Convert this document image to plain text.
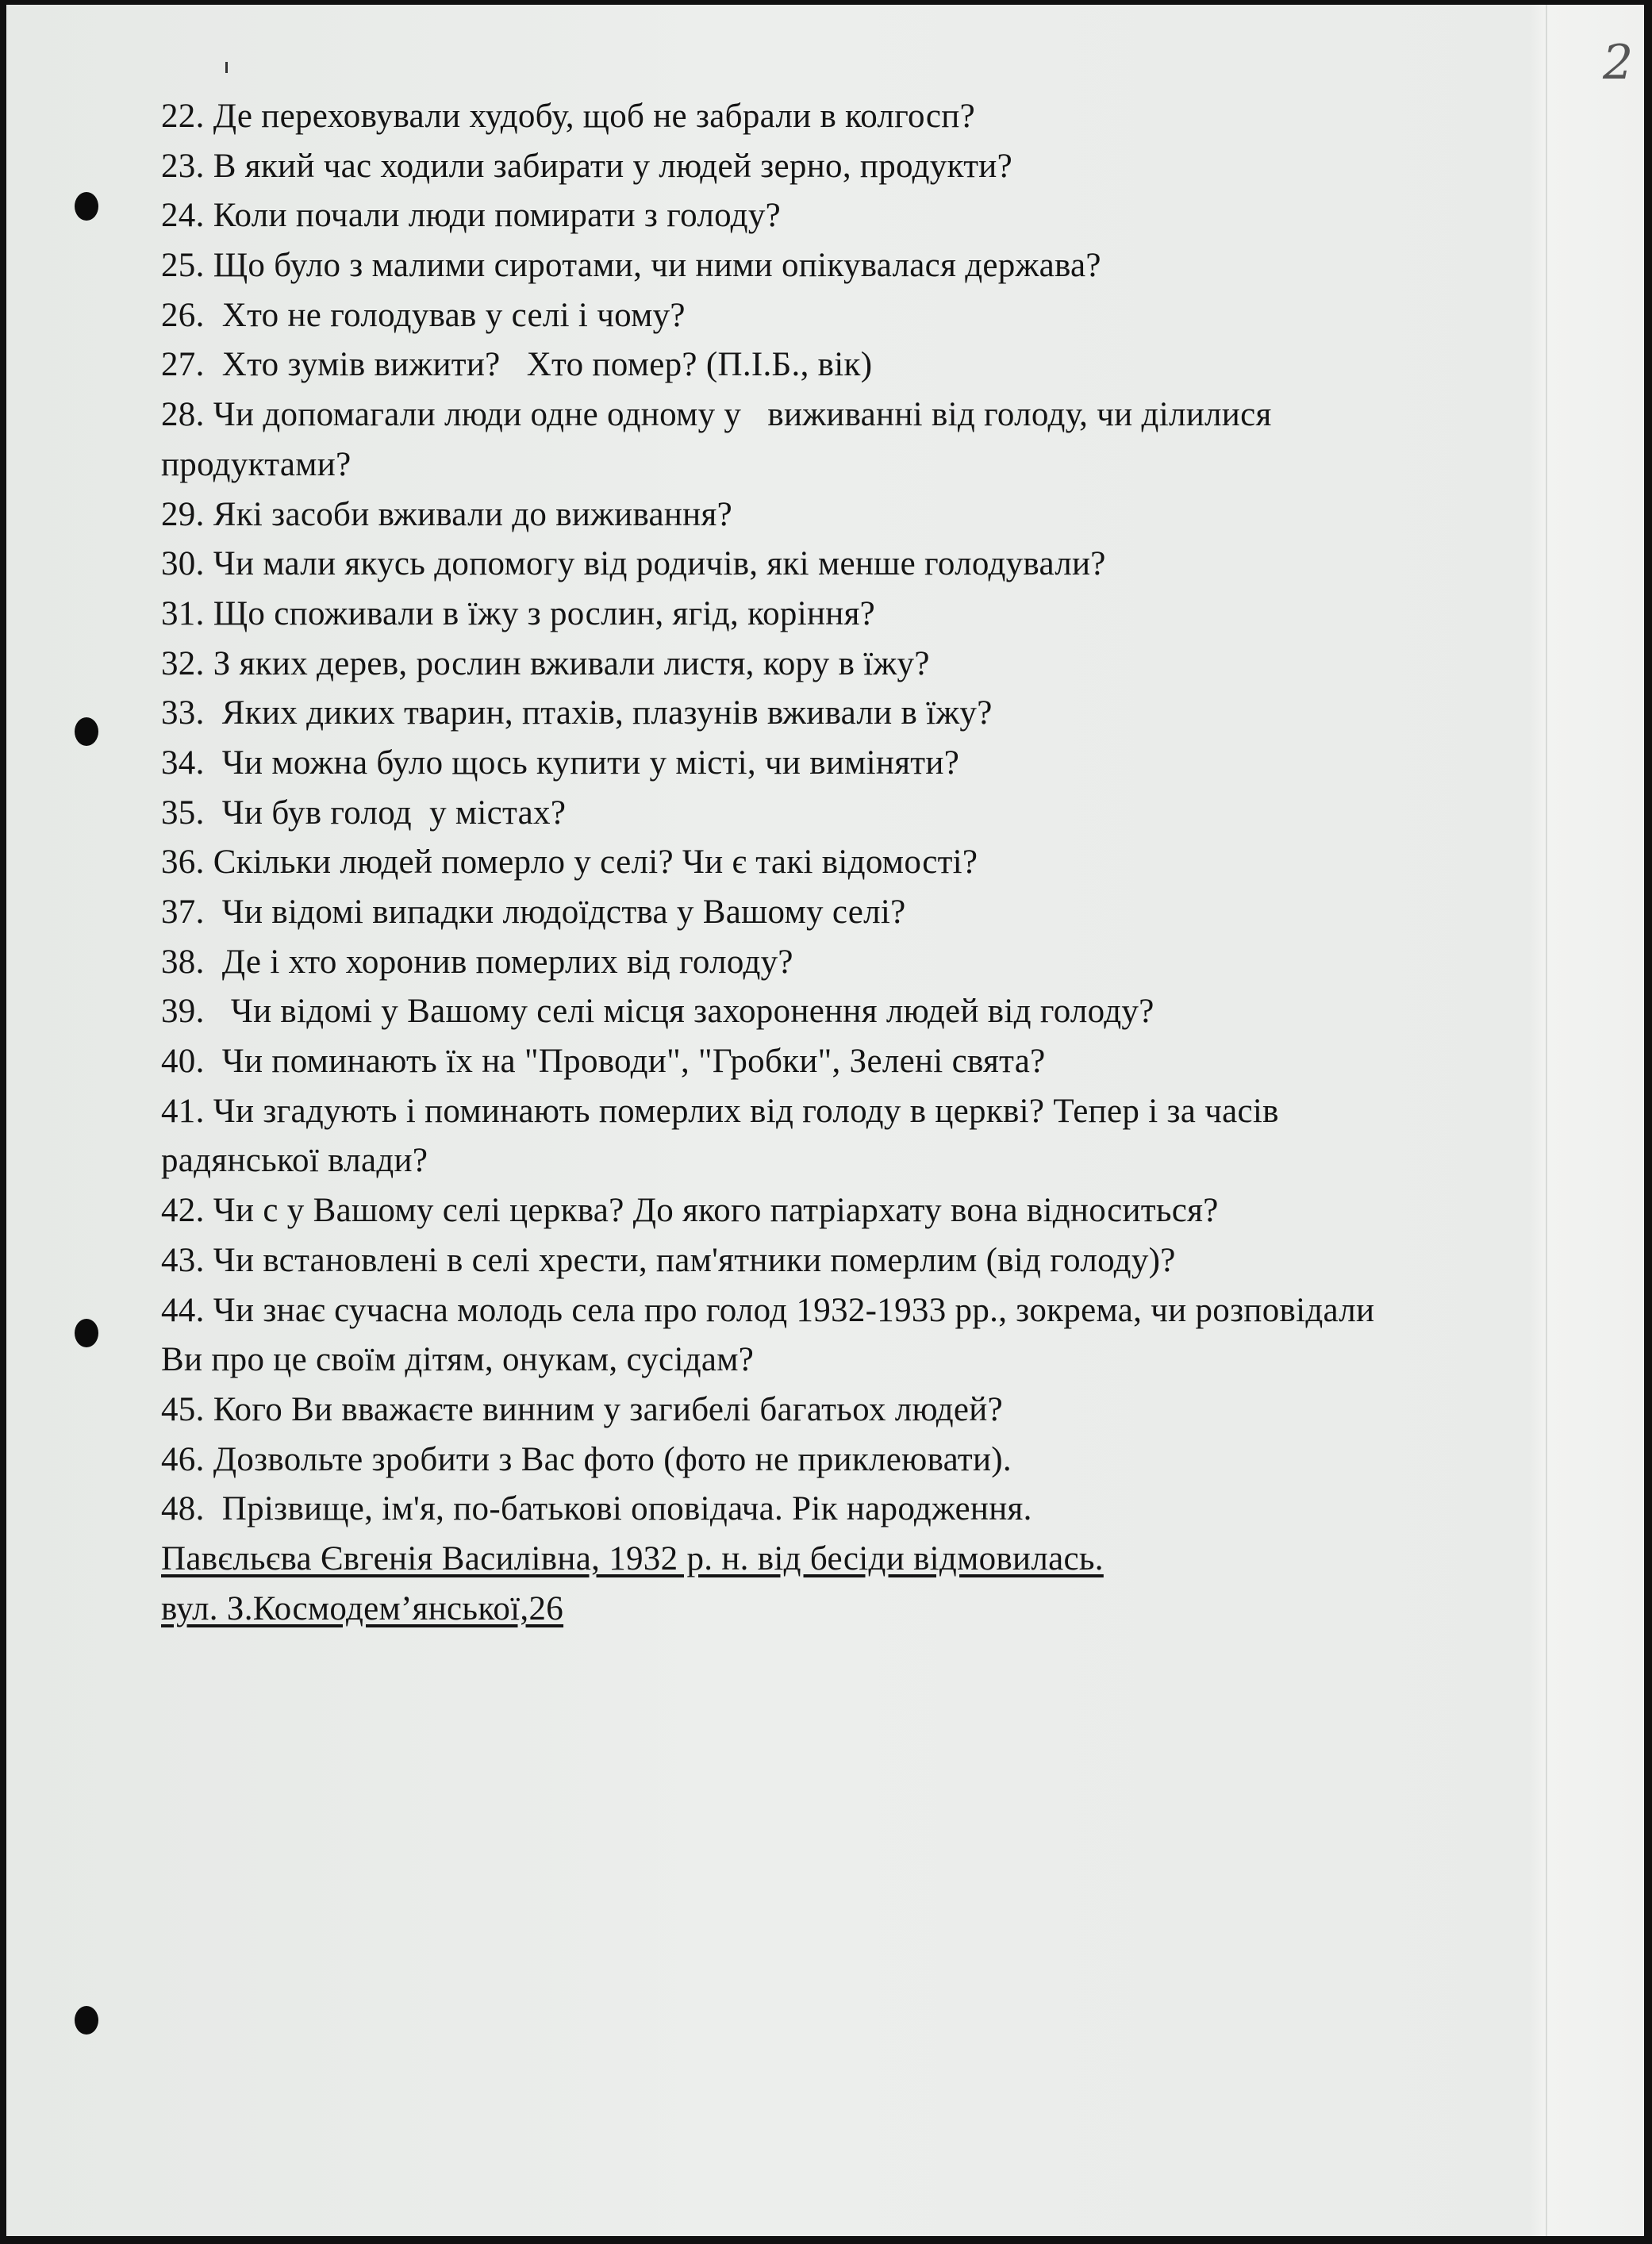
2
22. Де переховували худобу, щоб не забрали в колгосп?
23. В який час ходили забирати у людей зерно, продукти?
24. Коли почали люди помирати з голоду?
25. Що було з малими сиротами, чи ними опікувалася держава?
26.  Хто не голодував у селі і чому?
27.  Хто зумів вижити?   Хто помер? (П.І.Б., вік)
28. Чи допомагали люди одне одному у   виживанні від голоду, чи ділилися
продуктами?
29. Які засоби вживали до виживання?
30. Чи мали якусь допомогу від родичів, які менше голодували?
31. Що споживали в їжу з рослин, ягід, коріння?
32. З яких дерев, рослин вживали листя, кору в їжу?
33.  Яких диких тварин, птахів, плазунів вживали в їжу?
34.  Чи можна було щось купити у місті, чи виміняти?
35.  Чи був голод  у містах?
36. Скільки людей померло у селі? Чи є такі відомості?
37.  Чи відомі випадки людоїдства у Вашому селі?
38.  Де і хто хоронив померлих від голоду?
39.   Чи відомі у Вашому селі місця захоронення людей від голоду?
40.  Чи поминають їх на "Проводи", "Гробки", Зелені свята?
41. Чи згадують і поминають померлих від голоду в церкві? Тепер і за часів
радянської влади?
42. Чи с у Вашому селі церква? До якого патріархату вона відноситься?
43. Чи встановлені в селі хрести, пам'ятники померлим (від голоду)?
44. Чи знає сучасна молодь села про голод 1932-1933 рр., зокрема, чи розповідали
Ви про це своїм дітям, онукам, сусідам?
45. Кого Ви вважаєте винним у загибелі багатьох людей?
46. Дозвольте зробити з Вас фото (фото не приклеювати).
48.  Прізвище, ім'я, по-батькові оповідача. Рік народження.
Павєльєва Євгенія Василівна, 1932 р. н. від бесіди відмовилась.
вул. З.Космодем’янської,26
